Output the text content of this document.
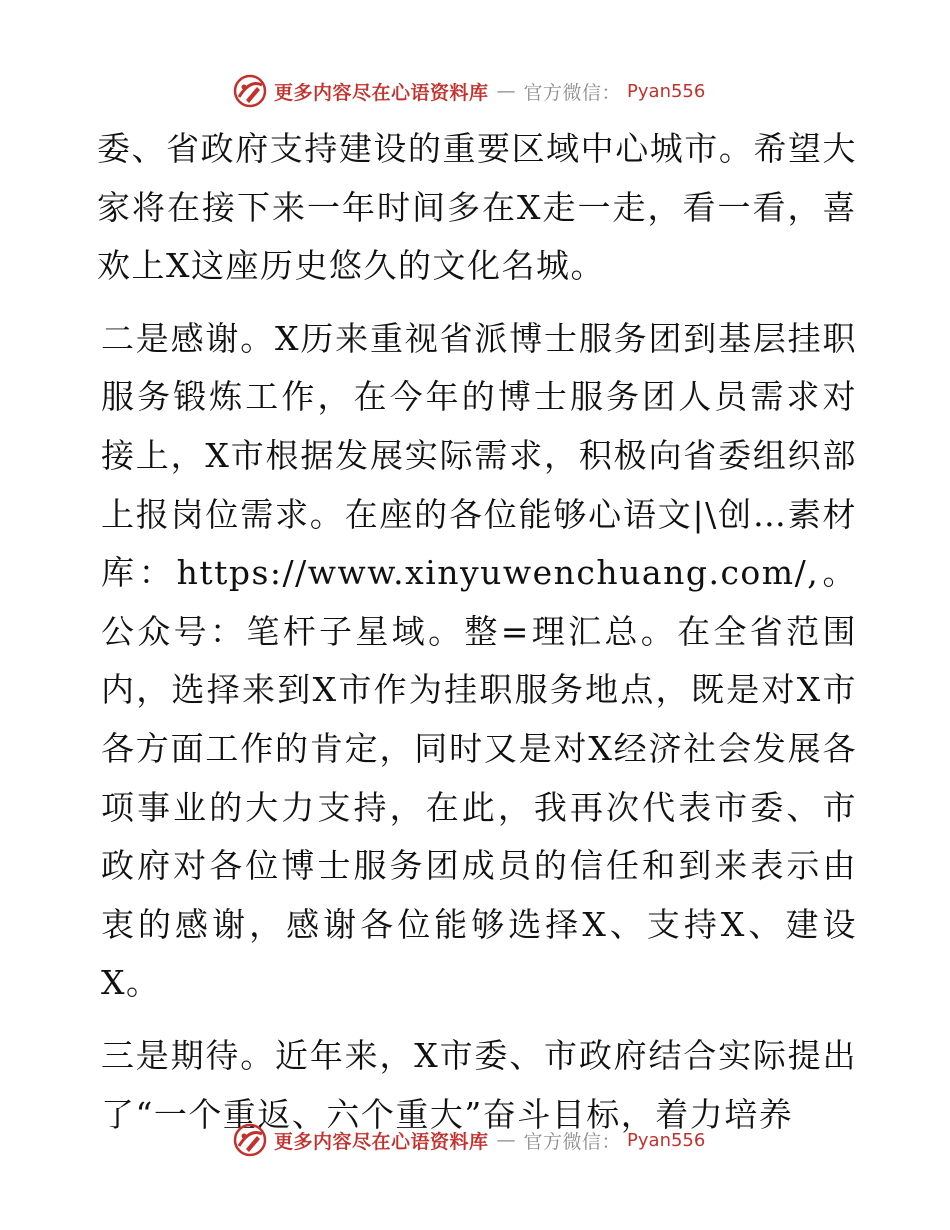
更多内容尽在心语资料库 — 官方微信： Pyan556

委、省政府支持建设的重要区域中心城市。希望大家将在接下来一年时间多在X走一走，看一看，喜欢上X这座历史悠久的文化名城。

二是感谢。X历来重视省派博士服务团到基层挂职服务锻炼工作，在今年的博士服务团人员需求对接上，X市根据发展实际需求，积极向省委组织部上报岗位需求。在座的各位能够心语文|\创…素材库：https://www.xinyuwenchuang.com/,。公众号：笔杆子星域。整=理汇总。在全省范围内，选择来到X市作为挂职服务地点，既是对X市各方面工作的肯定，同时又是对X经济社会发展各项事业的大力支持，在此，我再次代表市委、市政府对各位博士服务团成员的信任和到来表示由衷的感谢，感谢各位能够选择X、支持X、建设X。

三是期待。近年来，X市委、市政府结合实际提出了“一个重返、六个重大”奋斗目标，着力培养

更多内容尽在心语资料库 — 官方微信： Pyan556
